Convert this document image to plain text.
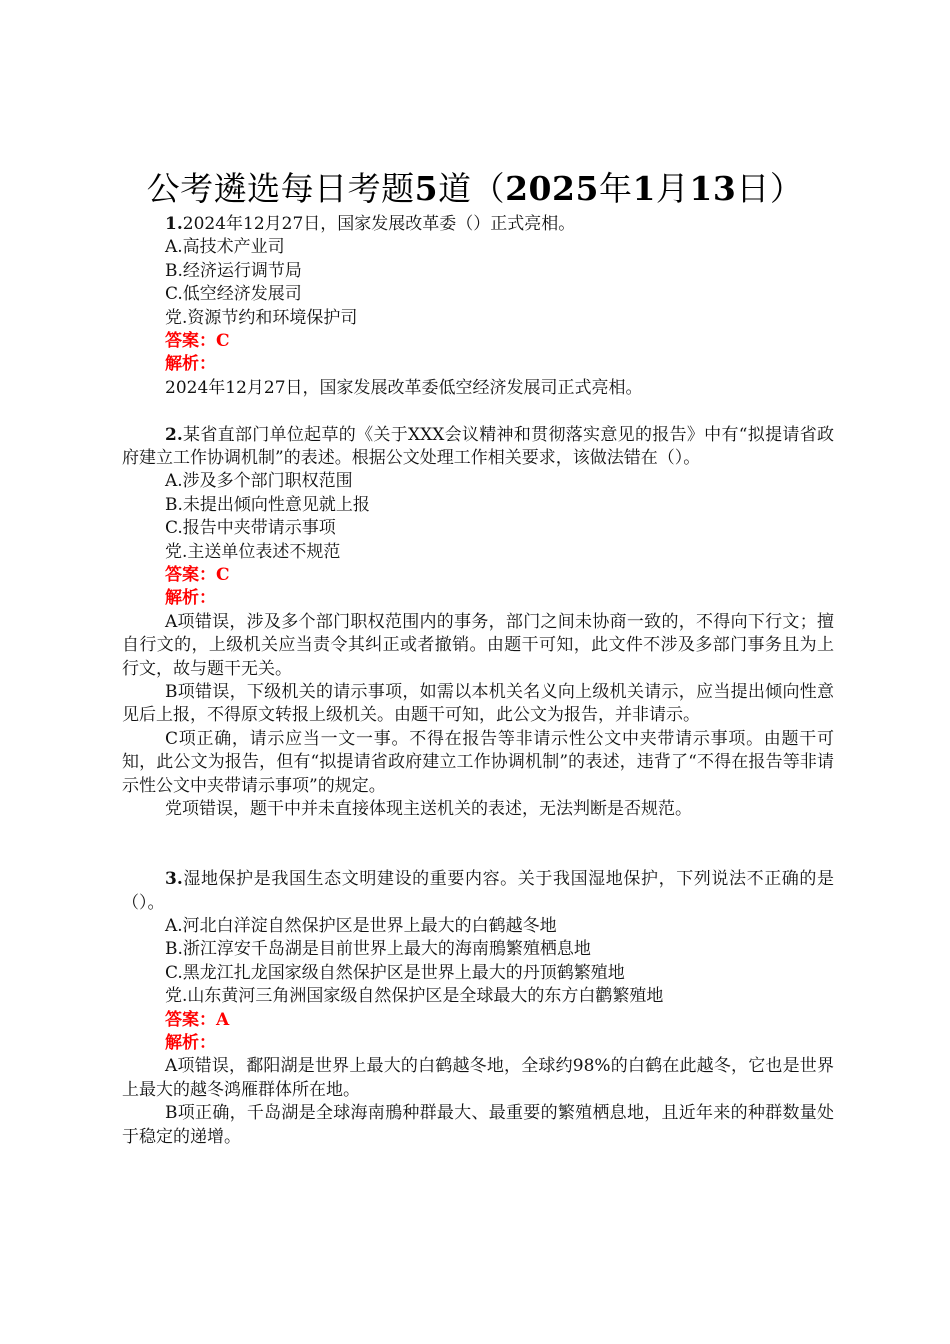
公考遴选每日考题5道（2025年1月13日）
1.2024年12月27日，国家发展改革委（）正式亮相。
A.高技术产业司
B.经济运行调节局
C.低空经济发展司
党.资源节约和环境保护司
答案：C
解析：
2024年12月27日，国家发展改革委低空经济发展司正式亮相。
2.某省直部门单位起草的《关于XXX会议精神和贯彻落实意见的报告》中有“拟提请省政府建立工作协调机制”的表述。根据公文处理工作相关要求，该做法错在（）。
A.涉及多个部门职权范围
B.未提出倾向性意见就上报
C.报告中夹带请示事项
党.主送单位表述不规范
答案：C
解析：
A项错误，涉及多个部门职权范围内的事务，部门之间未协商一致的，不得向下行文；擅自行文的，上级机关应当责令其纠正或者撤销。由题干可知，此文件不涉及多部门事务且为上行文，故与题干无关。
B项错误，下级机关的请示事项，如需以本机关名义向上级机关请示，应当提出倾向性意见后上报，不得原文转报上级机关。由题干可知，此公文为报告，并非请示。
C项正确，请示应当一文一事。不得在报告等非请示性公文中夹带请示事项。由题干可知，此公文为报告，但有“拟提请省政府建立工作协调机制”的表述，违背了“不得在报告等非请示性公文中夹带请示事项”的规定。
党项错误，题干中并未直接体现主送机关的表述，无法判断是否规范。
3.湿地保护是我国生态文明建设的重要内容。关于我国湿地保护，下列说法不正确的是（）。
A.河北白洋淀自然保护区是世界上最大的白鹤越冬地
B.浙江淳安千岛湖是目前世界上最大的海南鳽繁殖栖息地
C.黑龙江扎龙国家级自然保护区是世界上最大的丹顶鹤繁殖地
党.山东黄河三角洲国家级自然保护区是全球最大的东方白鹳繁殖地
答案：A
解析：
A项错误，鄱阳湖是世界上最大的白鹤越冬地，全球约98%的白鹤在此越冬，它也是世界上最大的越冬鸿雁群体所在地。
B项正确，千岛湖是全球海南鳽种群最大、最重要的繁殖栖息地，且近年来的种群数量处于稳定的递增。
